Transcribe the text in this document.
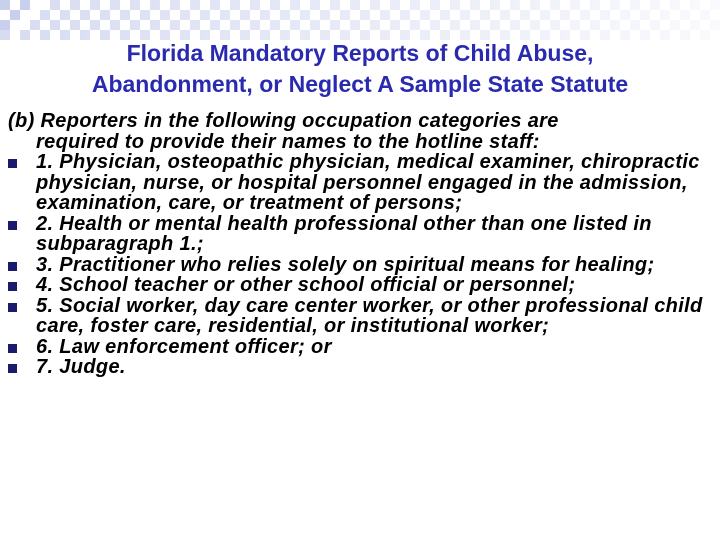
Florida Mandatory Reports of Child Abuse,
Abandonment, or Neglect A Sample State Statute
(b) Reporters in the following occupation categories are
required to provide their names to the hotline staff:
1. Physician, osteopathic physician, medical examiner, chiropractic physician, nurse, or hospital personnel engaged in the admission, examination, care, or treatment of persons;
2. Health or mental health professional other than one listed in subparagraph 1.;
3. Practitioner who relies solely on spiritual means for healing;
4. School teacher or other school official or personnel;
5. Social worker, day care center worker, or other professional child care, foster care, residential, or institutional worker;
6. Law enforcement officer; or
7. Judge.
